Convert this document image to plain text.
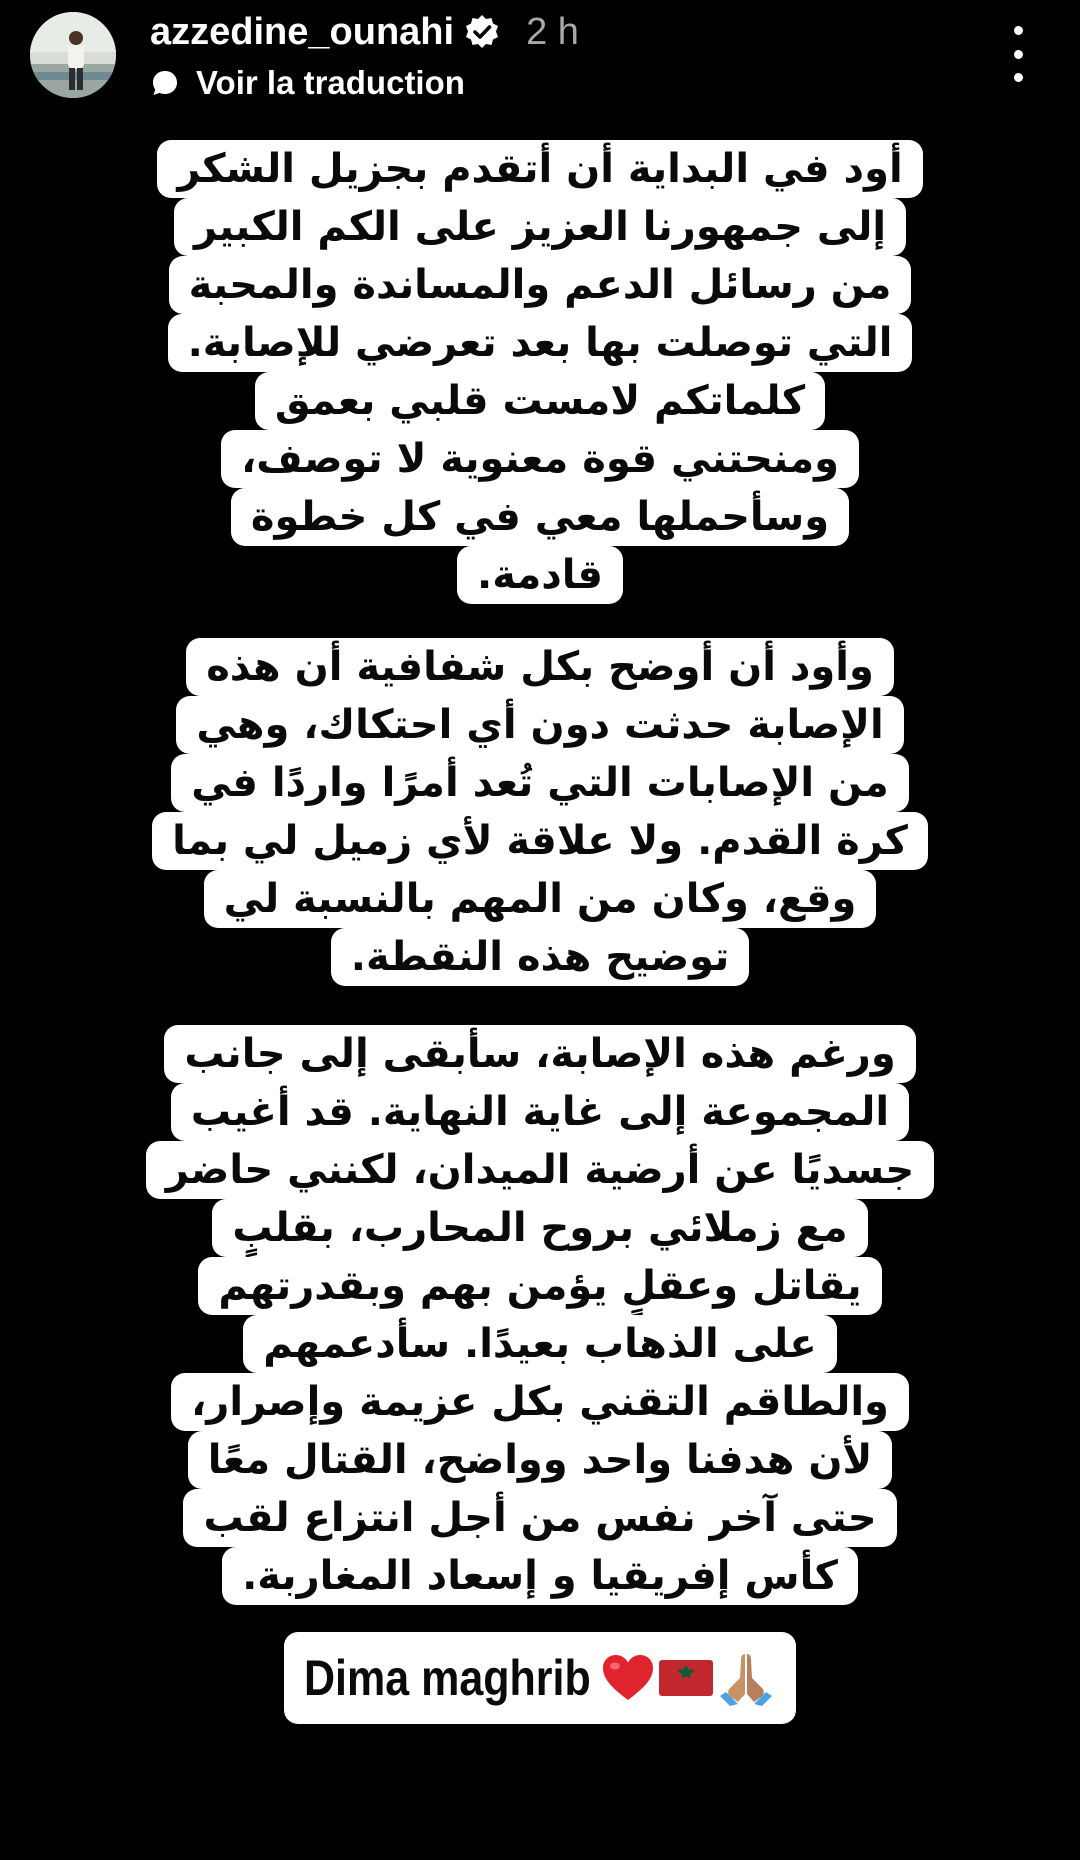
azzedine_ounahi 2 h
Voir la traduction
أود في البداية أن أتقدم بجزيل الشكر
إلى جمهورنا العزيز على الكم الكبير
من رسائل الدعم والمساندة والمحبة
التي توصلت بها بعد تعرضي للإصابة.
كلماتكم لامست قلبي بعمق
ومنحتني قوة معنوية لا توصف،
وسأحملها معي في كل خطوة
قادمة.
وأود أن أوضح بكل شفافية أن هذه
الإصابة حدثت دون أي احتكاك، وهي
من الإصابات التي تُعد أمرًا واردًا في
كرة القدم. ولا علاقة لأي زميل لي بما
وقع، وكان من المهم بالنسبة لي
توضيح هذه النقطة.
ورغم هذه الإصابة، سأبقى إلى جانب
المجموعة إلى غاية النهاية. قد أغيب
جسديًا عن أرضية الميدان، لكنني حاضر
مع زملائي بروح المحارب، بقلبٍ
يقاتل وعقلٍ يؤمن بهم وبقدرتهم
على الذهاب بعيدًا. سأدعمهم
والطاقم التقني بكل عزيمة وإصرار،
لأن هدفنا واحد وواضح، القتال معًا
حتى آخر نفس من أجل انتزاع لقب
كأس إفريقيا و إسعاد المغاربة.
Dima maghrib
